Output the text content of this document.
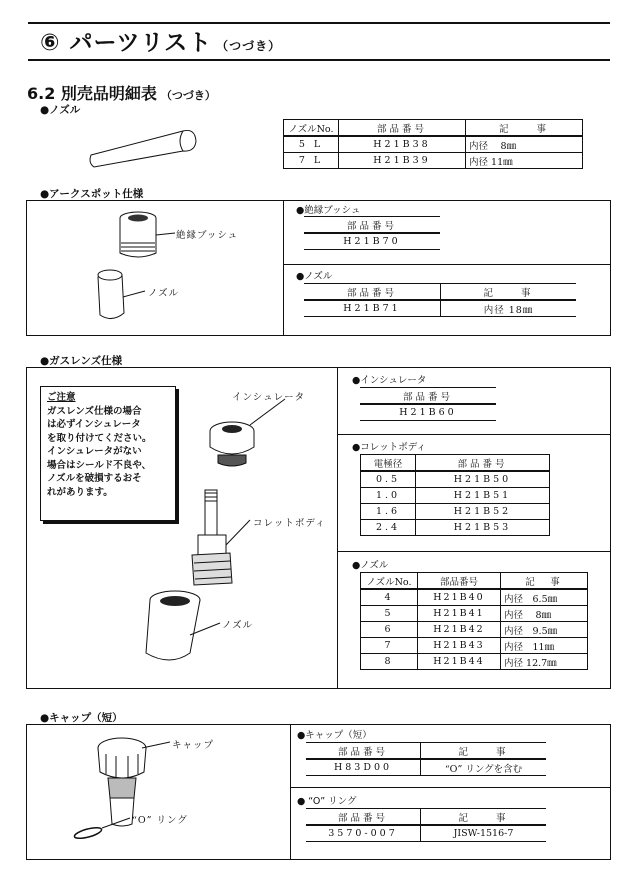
⑥ パーツリスト （つづき）
6.2 別売品明細表 （つづき）
●ノズル
ノズルNo.	部品番号	記　　事
5 L	H21B38	内径　 8㎜
7 L	H21B39	内径 11㎜
●アークスポット仕様
絶縁ブッシュ
ノズル
●絶縁ブッシュ
部品番号
H21B70
●ノズル
部品番号	記　　事
H21B71	内径 18㎜
●ガスレンズ仕様
ご注意
ガスレンズ仕様の場合
は必ずインシュレータ
を取り付けてください。
インシュレータがない
場合はシールド不良や、
ノズルを破損するおそ
れがあります。
インシュレータ
コレットボディ
ノズル
●インシュレータ
部品番号
H21B60
●コレットボディ
電極径	部品番号
0.5	H21B50
1.0	H21B51
1.6	H21B52
2.4	H21B53
●ノズル
ノズルNo.	部品番号	記　事
4	H21B40	内径　6.5㎜
5	H21B41	内径　 8㎜
6	H21B42	内径　9.5㎜
7	H21B43	内径　11㎜
8	H21B44	内径 12.7㎜
●キャップ（短）
キャップ
“O” リング
●キャップ（短）
部品番号	記　　事
H83D00	“O” リングを含む
● “O” リング
部品番号	記　　事
3570-007	JISW-1516-7
